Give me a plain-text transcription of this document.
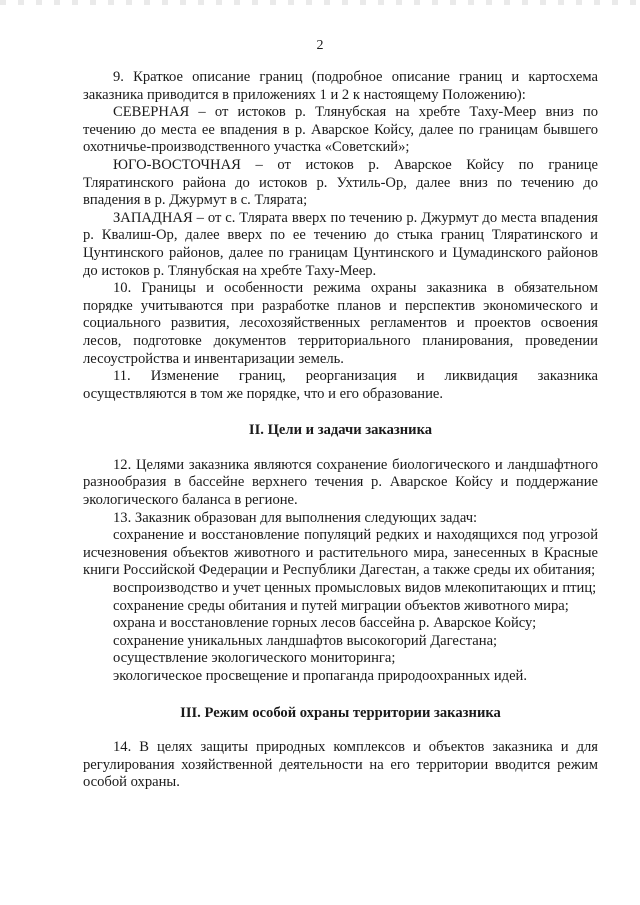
2

9. Краткое описание границ (подробное описание границ и картосхема заказника приводится в приложениях 1 и 2 к настоящему Положению):

СЕВЕРНАЯ – от истоков р. Тлянубская на хребте Таху-Меер вниз по течению до места ее впадения в р. Аварское Койсу, далее по границам бывшего охотничье-производственного участка «Советский»;

ЮГО-ВОСТОЧНАЯ – от истоков р. Аварское Койсу по границе Тляратинского района до истоков р. Ухтиль-Ор, далее вниз по течению до впадения в р. Джурмут в с. Тлярата;

ЗАПАДНАЯ – от с. Тлярата вверх по течению р. Джурмут до места впадения р. Квалиш-Ор, далее вверх по ее течению до стыка границ Тляратинского и Цунтинского районов, далее по границам Цунтинского и Цумадинского районов до истоков р. Тлянубская на хребте Таху-Меер.

10. Границы и особенности режима охраны заказника в обязательном порядке учитываются при разработке планов и перспектив экономического и социального развития, лесохозяйственных регламентов и проектов освоения лесов, подготовке документов территориального планирования, проведении лесоустройства и инвентаризации земель.

11. Изменение границ, реорганизация и ликвидация заказника осуществляются в том же порядке, что и его образование.

II. Цели и задачи заказника

12. Целями заказника являются сохранение биологического и ландшафтного разнообразия в бассейне верхнего течения р. Аварское Койсу и поддержание экологического баланса в регионе.

13. Заказник образован для выполнения следующих задач:

сохранение и восстановление популяций редких и находящихся под угрозой исчезновения объектов животного и растительного мира, занесенных в Красные книги Российской Федерации и Республики Дагестан, а также среды их обитания;

воспроизводство и учет ценных промысловых видов млекопитающих и птиц;

сохранение среды обитания и путей миграции объектов животного мира;

охрана и восстановление горных лесов бассейна р. Аварское Койсу;

сохранение уникальных ландшафтов высокогорий Дагестана;

осуществление экологического мониторинга;

экологическое просвещение и пропаганда природоохранных идей.

III. Режим особой охраны территории заказника

14. В целях защиты природных комплексов и объектов заказника и для регулирования хозяйственной деятельности на его территории вводится режим особой охраны.
